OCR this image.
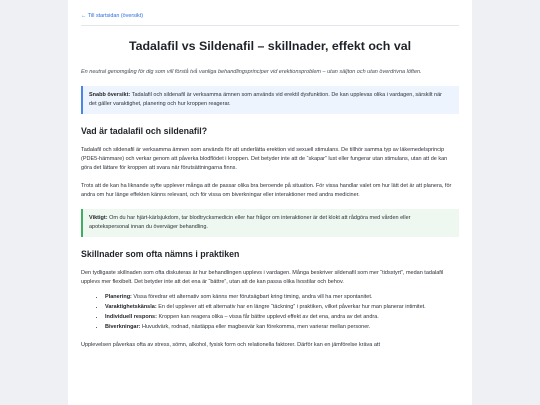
← Till startsidan (översikt)
Tadalafil vs Sildenafil – skillnader, effekt och val

En neutral genomgång för dig som vill förstå två vanliga behandlingsprinciper vid erektionsproblem – utan säljton och utan överdrivna löften.

Snabb översikt: Tadalafil och sildenafil är verksamma ämnen som används vid erektil dysfunktion. De kan upplevas olika i vardagen, särskilt när det gäller varaktighet, planering och hur kroppen reagerar.
Vad är tadalafil och sildenafil?

Tadalafil och sildenafil är verksamma ämnen som används för att underlätta erektion vid sexuell stimulans. De tillhör samma typ av läkemedelsprincip (PDE5-hämmare) och verkar genom att påverka blodflödet i kroppen. Det betyder inte att de “skapar” lust eller fungerar utan stimulans, utan att de kan göra det lättare för kroppen att svara när förutsättningarna finns.

Trots att de kan ha liknande syfte upplever många att de passar olika bra beroende på situation. För vissa handlar valet om hur lätt det är att planera, för andra om hur länge effekten känns relevant, och för vissa om biverkningar eller interaktioner med andra mediciner.

Viktigt: Om du har hjärt-kärlsjukdom, tar blodtrycksmedicin eller har frågor om interaktioner är det klokt att rådgöra med vården eller apotekspersonal innan du överväger behandling.
Skillnader som ofta nämns i praktiken

Den tydligaste skillnaden som ofta diskuteras är hur behandlingen upplevs i vardagen. Många beskriver sildenafil som mer “tidsstyrt”, medan tadalafil upplevs mer flexibelt. Det betyder inte att det ena är “bättre”, utan att de kan passa olika livsstilar och behov.

• Planering: Vissa föredrar ett alternativ som känns mer förutsägbart kring timing, andra vill ha mer spontanitet.
• Varaktighetskänsla: En del upplever att ett alternativ har en längre “täckning” i praktiken, vilket påverkar hur man planerar intimitet.
• Individuell respons: Kroppen kan reagera olika – vissa får bättre upplevd effekt av det ena, andra av det andra.
• Biverkningar: Huvudvärk, rodnad, nästäppa eller magbesvär kan förekomma, men varierar mellan personer.

Upplevelsen påverkas ofta av stress, sömn, alkohol, fysisk form och relationella faktorer. Därför kan en jämförelse kräva att
